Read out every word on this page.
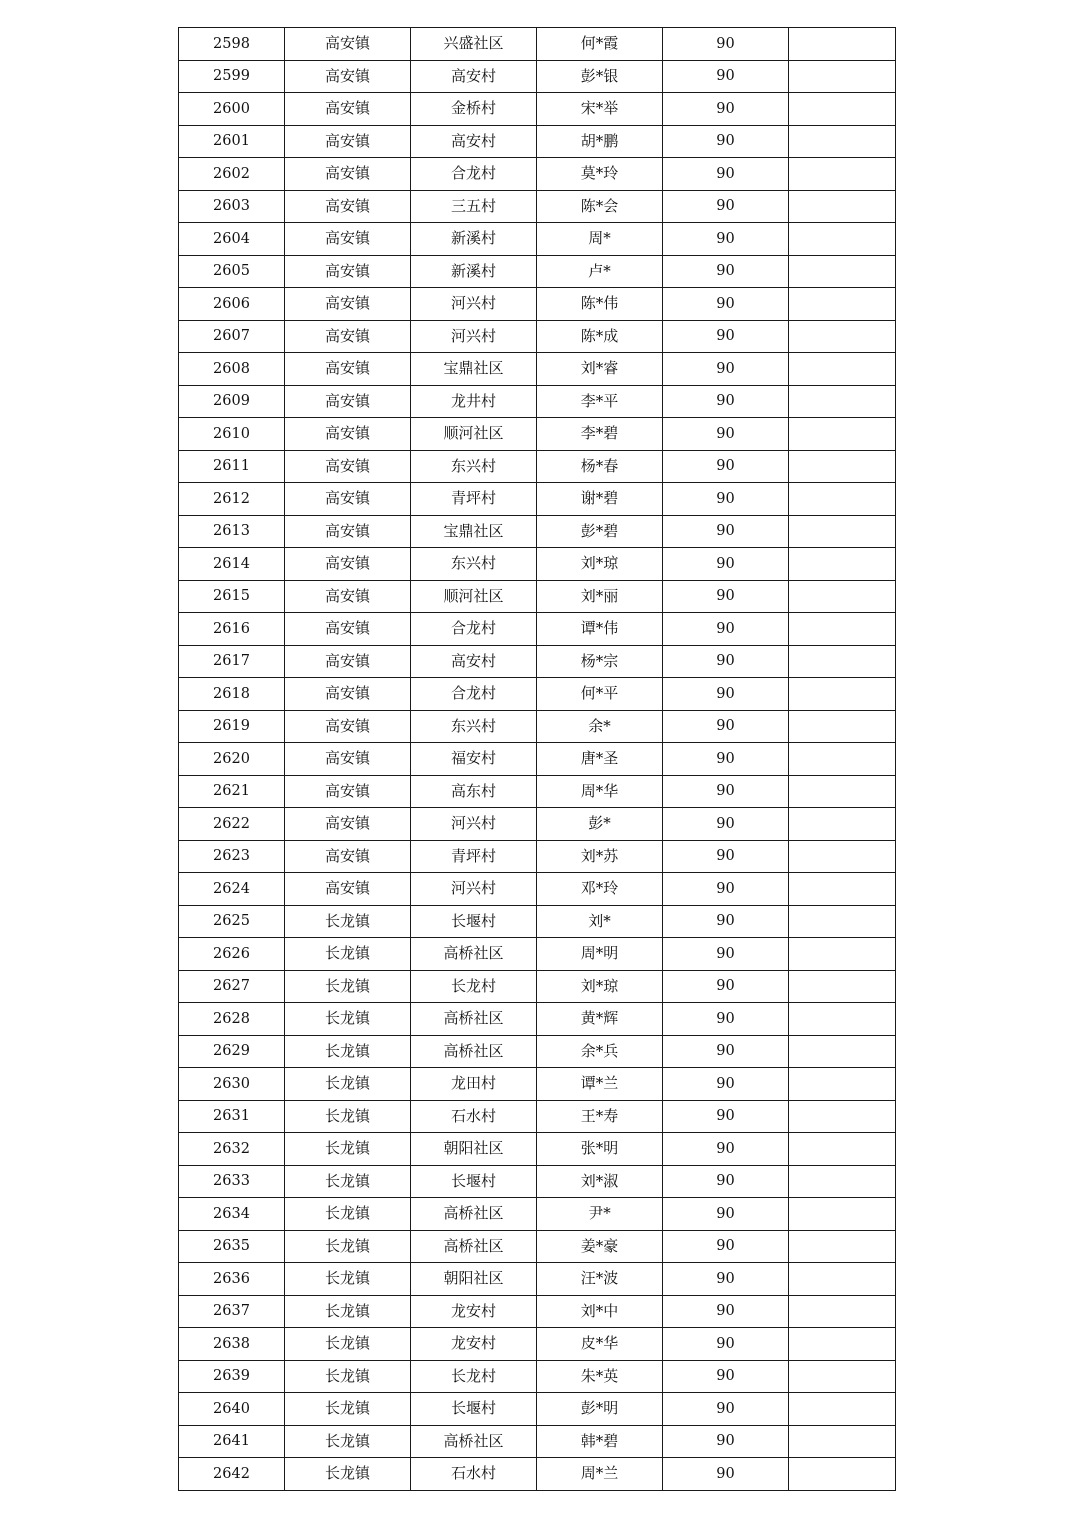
2598	高安镇	兴盛社区	何*霞	90	
2599	高安镇	高安村	彭*银	90	
2600	高安镇	金桥村	宋*举	90	
2601	高安镇	高安村	胡*鹏	90	
2602	高安镇	合龙村	莫*玲	90	
2603	高安镇	三五村	陈*会	90	
2604	高安镇	新溪村	周*	90	
2605	高安镇	新溪村	卢*	90	
2606	高安镇	河兴村	陈*伟	90	
2607	高安镇	河兴村	陈*成	90	
2608	高安镇	宝鼎社区	刘*睿	90	
2609	高安镇	龙井村	李*平	90	
2610	高安镇	顺河社区	李*碧	90	
2611	高安镇	东兴村	杨*春	90	
2612	高安镇	青坪村	谢*碧	90	
2613	高安镇	宝鼎社区	彭*碧	90	
2614	高安镇	东兴村	刘*琼	90	
2615	高安镇	顺河社区	刘*丽	90	
2616	高安镇	合龙村	谭*伟	90	
2617	高安镇	高安村	杨*宗	90	
2618	高安镇	合龙村	何*平	90	
2619	高安镇	东兴村	余*	90	
2620	高安镇	福安村	唐*圣	90	
2621	高安镇	高东村	周*华	90	
2622	高安镇	河兴村	彭*	90	
2623	高安镇	青坪村	刘*苏	90	
2624	高安镇	河兴村	邓*玲	90	
2625	长龙镇	长堰村	刘*	90	
2626	长龙镇	高桥社区	周*明	90	
2627	长龙镇	长龙村	刘*琼	90	
2628	长龙镇	高桥社区	黄*辉	90	
2629	长龙镇	高桥社区	余*兵	90	
2630	长龙镇	龙田村	谭*兰	90	
2631	长龙镇	石水村	王*寿	90	
2632	长龙镇	朝阳社区	张*明	90	
2633	长龙镇	长堰村	刘*淑	90	
2634	长龙镇	高桥社区	尹*	90	
2635	长龙镇	高桥社区	姜*豪	90	
2636	长龙镇	朝阳社区	汪*波	90	
2637	长龙镇	龙安村	刘*中	90	
2638	长龙镇	龙安村	皮*华	90	
2639	长龙镇	长龙村	朱*英	90	
2640	长龙镇	长堰村	彭*明	90	
2641	长龙镇	高桥社区	韩*碧	90	
2642	长龙镇	石水村	周*兰	90	
